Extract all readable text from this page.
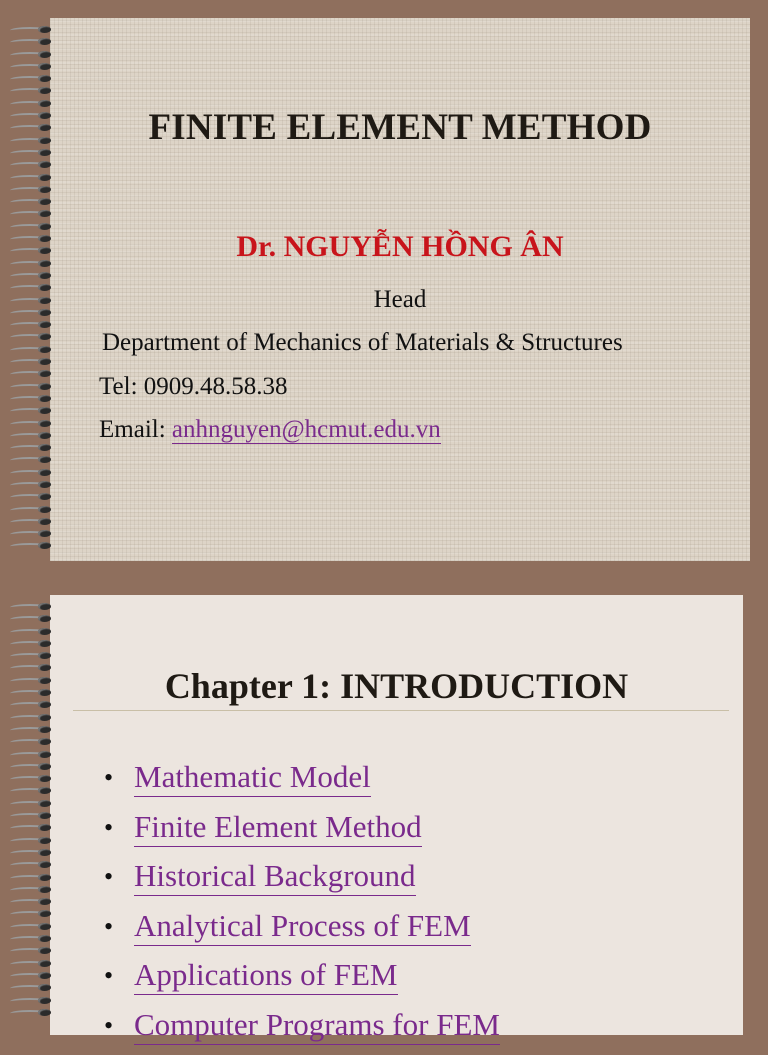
FINITE ELEMENT METHOD
Dr. NGUYỄN HỒNG ÂN
Head
Department of Mechanics of Materials & Structures
Tel: 0909.48.58.38
Email: anhnguyen@hcmut.edu.vn
Chapter 1: INTRODUCTION
• Mathematic Model
• Finite Element Method
• Historical Background
• Analytical Process of FEM
• Applications of FEM
• Computer Programs for FEM
